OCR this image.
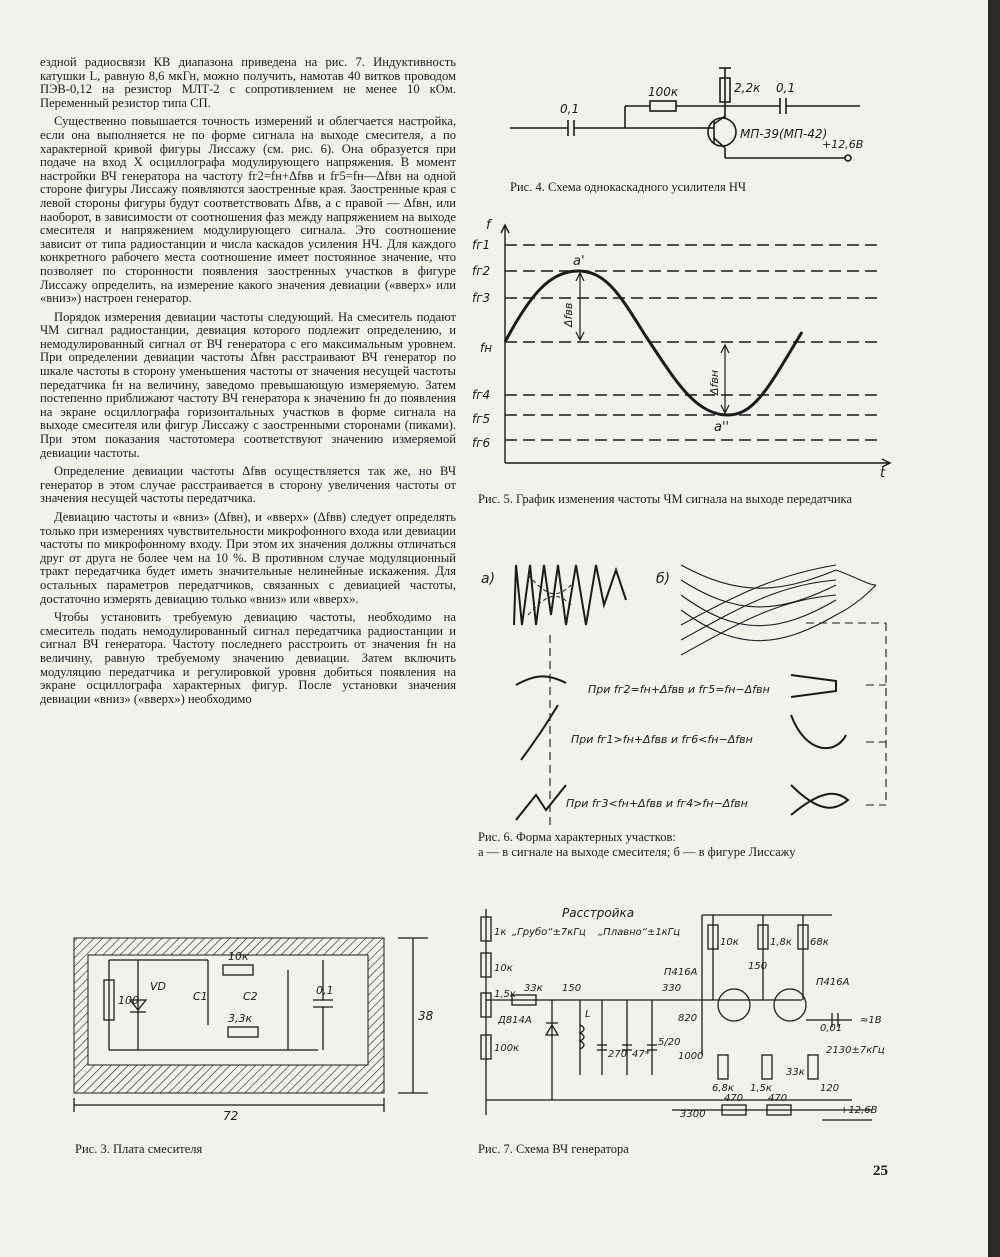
ездной радиосвязи КВ диапазона приведена на рис. 7. Индуктивность катушки L, равную 8,6 мкГн, можно получить, намотав 40 витков проводом ПЭВ-0,12 на резистор МЛТ-2 с сопротивлением не менее 10 кОм. Переменный резистор типа СП.

Существенно повышается точность измерений и облегчается настройка, если она выполняется не по форме сигнала на выходе смесителя, а по характерной кривой фигуры Лиссажу (см. рис. 6). Она образуется при подаче на вход X осциллографа модулирующего напряжения. В момент настройки ВЧ генератора на частоту fг2=fн+Δfвв и fг5=fн—Δfвн на одной стороне фигуры Лиссажу появляются заостренные края. Заостренные края с левой стороны фигуры будут соответствовать Δfвв, а с правой — Δfвн, или наоборот, в зависимости от соотношения фаз между напряжением на выходе смесителя и напряжением модулирующего сигнала. Это соотношение зависит от типа радиостанции и числа каскадов усиления НЧ. Для каждого конкретного рабочего места соотношение имеет постоянное значение, что позволяет по сторонности появления заостренных участков в фигуре Лиссажу определить, на измерение какого значения девиации («вверх» или «вниз») настроен генератор.

Порядок измерения девиации частоты следующий. На смеситель подают ЧМ сигнал радиостанции, девиация которого подлежит определению, и немодулированный сигнал от ВЧ генератора с его максимальным уровнем. При определении девиации частоты Δfвн расстраивают ВЧ генератор по шкале частоты в сторону уменьшения частоты от значения несущей частоты передатчика fн на величину, заведомо превышающую измеряемую. Затем постепенно приближают частоту ВЧ генератора к значению fн до появления на экране осциллографа горизонтальных участков в форме сигнала на выходе смесителя или фигур Лиссажу с заостренными сторонами (пиками). При этом показания частотомера соответствуют значению измеряемой девиации частоты.

Определение девиации частоты Δfвв осуществляется так же, но ВЧ генератор в этом случае расстраивается в сторону увеличения частоты от значения несущей частоты передатчика.

Девиацию частоты и «вниз» (Δfвн), и «вверх» (Δfвв) следует определять только при измерениях чувствительности микрофонного входа или девиации частоты по микрофонному входу. При этом их значения должны отличаться друг от друга не более чем на 10 %. В противном случае модуляционный тракт передатчика будет иметь значительные нелинейные искажения. Для остальных параметров передатчиков, связанных с девиацией частоты, достаточно измерять девиацию только «вниз» или «вверх».

Чтобы установить требуемую девиацию частоты, необходимо на смеситель подать немодулированный сигнал передатчика радиостанции и сигнал ВЧ генератора. Частоту последнего расстроить от значения fн на величину, равную требуемому значению девиации. Затем включить модуляцию передатчика и регулировкой уровня добиться появления на экране осциллографа характерных фигур. После установки значения девиации «вниз» («вверх») необходимо

0,1
100к	2,2к 0,1
МП-39(МП-42)
+12,6В
Рис. 4. Схема однокаскадного усилителя НЧ
f
t
fг1
fг2
fг3
fн
fг4
fг5
fг6
a'
a''
Δfвв
Δfвн
Рис. 5. График изменения частоты ЧМ сигнала на выходе передатчика
а)	б)
При fг2=fн+Δfвв и fг5=fн−Δfвн
При fг1>fн+Δfвв и fг6<fн−Δfвн
При fг3<fн+Δfвв и fг4>fн−Δfвн
Рис. 6. Форма характерных участков:
а — в сигнале на выходе смесителя; б — в фигуре Лиссажу
100
VD
C1	C2
10к
3,3к
0,1
72
38
Рис. 3. Плата смесителя
Расстройка
1к „Грубо“±7кГц „Плавно“±1кГц
10к
1,5к
33к 150
Д814А
100к
L
270 47*
5/20
330
820
1000
6,8к 1,5к
П416А
П416А
10к	1,8к 68к
150
0,01
≈1В
2130±7кГц
33к
120
3300
470 470
+12,6В
Рис. 7. Схема ВЧ генератора
25
